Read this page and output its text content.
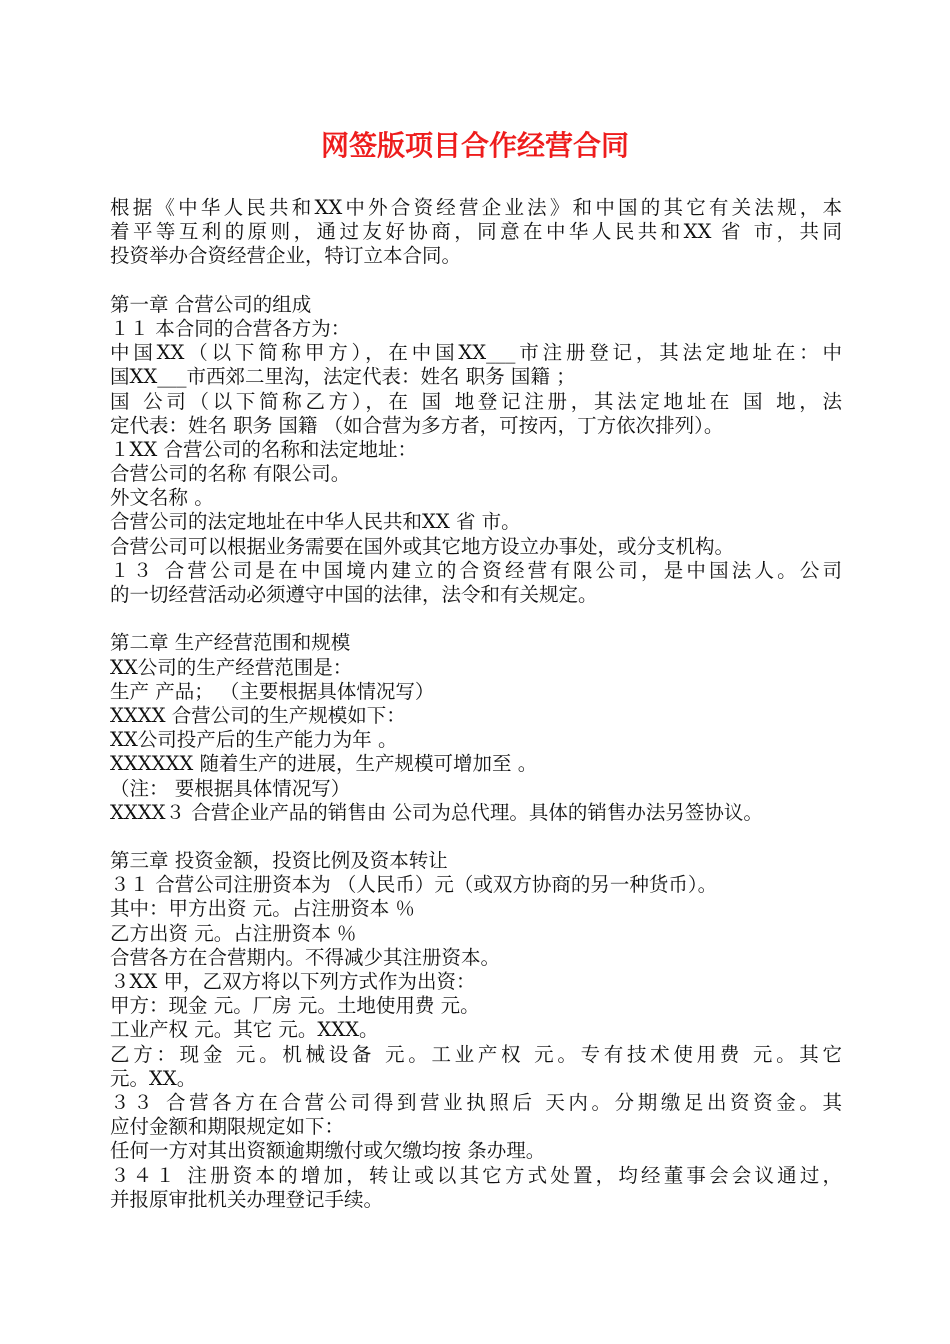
网签版项目合作经营合同
根据《中华人民共和XX中外合资经营企业法》和中国的其它有关法规，本
着平等互利的原则，通过友好协商，同意在中华人民共和XX 省 市，共同
投资举办合资经营企业，特订立本合同。
第一章 合营公司的组成
１１ 本合同的合营各方为：
中国XX（以下简称甲方），在中国XX___市注册登记，其法定地址在：中
国XX___市西郊二里沟，法定代表：姓名 职务 国籍 ；
国 公司（以下简称乙方），在 国 地登记注册，其法定地址在 国 地，法
定代表：姓名 职务 国籍 （如合营为多方者，可按丙，丁方依次排列）。
１XX 合营公司的名称和法定地址：
合营公司的名称 有限公司。
外文名称 。
合营公司的法定地址在中华人民共和XX 省 市。
合营公司可以根据业务需要在国外或其它地方设立办事处，或分支机构。
１３ 合营公司是在中国境内建立的合资经营有限公司，是中国法人。公司
的一切经营活动必须遵守中国的法律，法令和有关规定。
第二章 生产经营范围和规模
XX公司的生产经营范围是：
生产 产品； （主要根据具体情况写）
XXXX 合营公司的生产规模如下：
XX公司投产后的生产能力为年 。
XXXXXX 随着生产的进展，生产规模可增加至 。
（注： 要根据具体情况写）
XXXX３ 合营企业产品的销售由 公司为总代理。具体的销售办法另签协议。
第三章 投资金额，投资比例及资本转让
３１ 合营公司注册资本为 （人民币）元（或双方协商的另一种货币）。
其中：甲方出资 元。占注册资本 ％
乙方出资 元。占注册资本 ％
合营各方在合营期内。不得减少其注册资本。
３XX 甲，乙双方将以下列方式作为出资：
甲方：现金 元。厂房 元。土地使用费 元。
工业产权 元。其它 元。XXX。
乙方：现金 元。机械设备 元。工业产权 元。专有技术使用费 元。其它
元。XX。
３３ 合营各方在合营公司得到营业执照后 天内。分期缴足出资资金。其
应付金额和期限规定如下：
任何一方对其出资额逾期缴付或欠缴均按 条办理。
３４１ 注册资本的增加，转让或以其它方式处置，均经董事会会议通过，
并报原审批机关办理登记手续。
